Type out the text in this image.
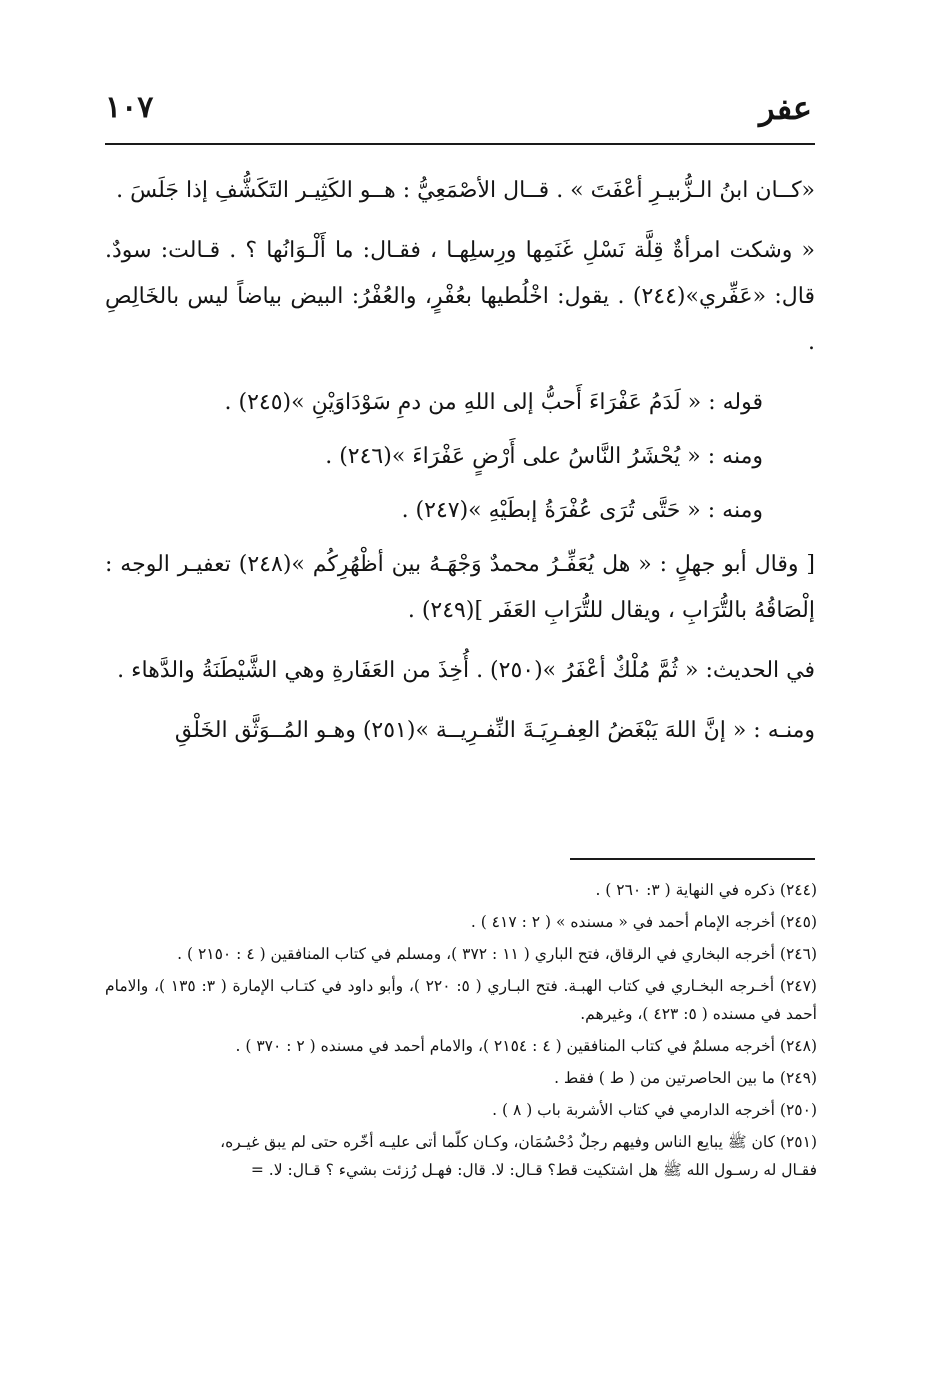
عفر
١٠٧

«كــان ابنُ الـزُّبيـرِ أعْفَتَ » . قــال الأصْمَعِيُّ : هــو الكَثِيـر التَكَشُّفِ إذا جَلَسَ .

« وشكت امرأةٌ قِلَّة نَسْلِ غَنَمِها ورِسلِهـا ، فقـال: ما أَلْـوَانُها ؟ . قـالت: سودٌ. قال: «عَفِّري»(٢٤٤) . يقول: اخْلُطيها بعُفْرٍ، والعُفْرُ: البيض بياضاً ليس بالخَالِصِ .

قوله : « لَدَمُ عَفْرَاءَ أَحبُّ إلى اللهِ من دمِ سَوْدَاوَيْنِ »(٢٤٥) .

ومنه : « يُحْشَرُ النَّاسُ على أَرْضٍ عَفْرَاءَ »(٢٤٦) .

ومنه : « حَتَّى تُرَى عُفْرَةُ إبطَيْهِ »(٢٤٧) .

[ وقال أبو جهلٍ : « هل يُعَفِّـرُ محمدٌ وَجْهَـهُ بين أظْهُرِكُم »(٢٤٨) تعفيـر الوجه : إلْصَاقُهُ بالتُّرَابِ ، ويقال للتُّرَابِ العَفَر ](٢٤٩) .

في الحديث: « ثُمَّ مُلْكٌ أعْفَرُ »(٢٥٠) . أُخِذَ من العَفَارةِ وهي الشَّيْطَنَةُ والدَّهاء .

ومنـه : « إنَّ اللهَ يَبْغَضُ العِفـرِيَـةَ النِّفـرِيــة »(٢٥١) وهـو المُــوَثَّق الخَلْقِ

(٢٤٤) ذكره في النهاية ( ٣: ٢٦٠ ) .

(٢٤٥) أخرجه الإمام أحمد في « مسنده » ( ٢ : ٤١٧ ) .

(٢٤٦) أخرجه البخاري في الرقاق، فتح الباري ( ١١ : ٣٧٢ )، ومسلم في كتاب المنافقين ( ٤ : ٢١٥٠ ) .

(٢٤٧) أخـرجه البخـاري في كتاب الهبـة. فتح البـاري ( ٥: ٢٢٠ )، وأبو داود في كتـاب الإمارة ( ٣: ١٣٥ )، والامام أحمد في مسنده ( ٥: ٤٢٣ )، وغيرهم.

(٢٤٨) أخرجه مسلمٌ في كتاب المنافقين ( ٤ : ٢١٥٤ )، والامام أحمد في مسنده ( ٢ : ٣٧٠ ) .

(٢٤٩) ما بين الحاصرتين من ( ط ) فقط .

(٢٥٠) أخرجه الدارمي في كتاب الأشربة باب ( ٨ ) .

(٢٥١) كان ﷺ يبايع الناس وفيهم رجلٌ دُحْسُمَان، وكـان كلّما أتى عليـه أخّره حتى لم يبق غيـره،

فقـال له رسـول الله ﷺ هل اشتكيت قط؟ قـال: لا. قال: فهـل رُزئت بشيء ؟ قـال: لا. =
